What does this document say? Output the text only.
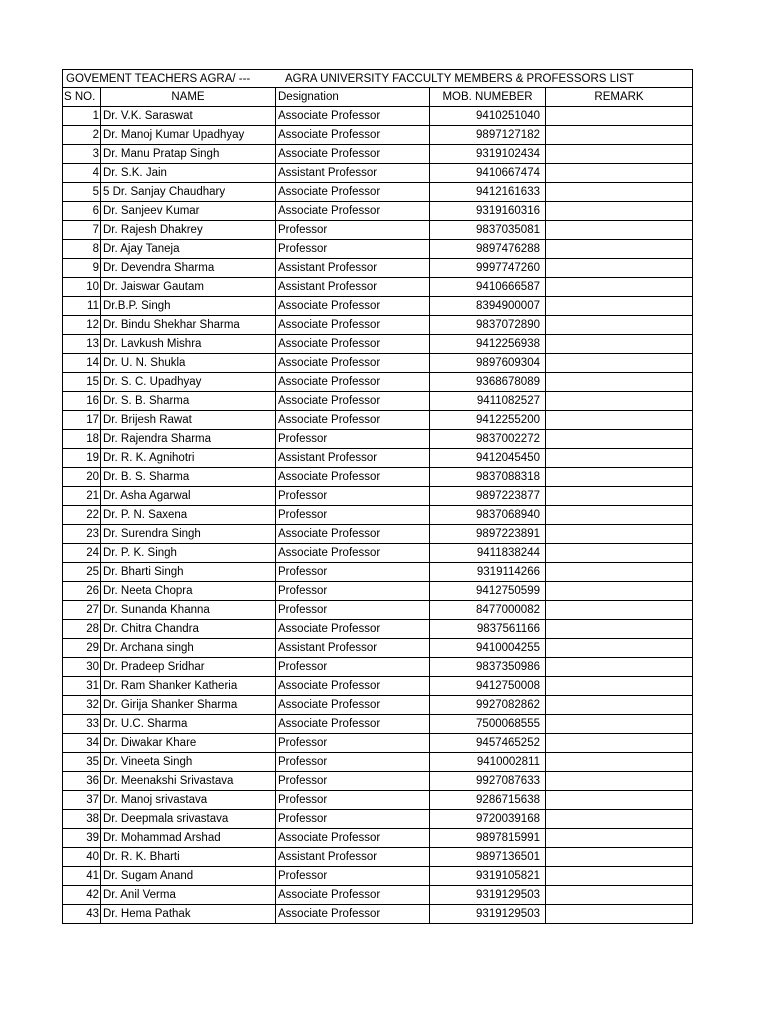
GOVEMENT TEACHERS AGRA/ --- AGRA UNIVERSITY FACCULTY MEMBERS & PROFESSORS LIST				

S NO.	NAME	Designation	MOB. NUMEBER	REMARK
1	Dr. V.K. Saraswat	Associate Professor	9410251040	
2	Dr. Manoj Kumar Upadhyay	Associate Professor	9897127182	
3	Dr. Manu Pratap Singh	Associate Professor	9319102434	
4	Dr. S.K. Jain	Assistant Professor	9410667474	
5	5 Dr. Sanjay Chaudhary	Associate Professor	9412161633	
6	Dr. Sanjeev Kumar	Associate Professor	9319160316	
7	Dr. Rajesh Dhakrey	Professor	9837035081	
8	Dr. Ajay Taneja	Professor	9897476288	
9	Dr. Devendra Sharma	Assistant Professor	9997747260	
10	Dr. Jaiswar Gautam	Assistant Professor	9410666587	
11	Dr.B.P. Singh	Associate Professor	8394900007	
12	Dr. Bindu Shekhar Sharma	Associate Professor	9837072890	
13	Dr. Lavkush Mishra	Associate Professor	9412256938	
14	Dr. U. N. Shukla	Associate Professor	9897609304	
15	Dr. S. C. Upadhyay	Associate Professor	9368678089	
16	Dr. S. B. Sharma	Associate Professor	9411082527	
17	Dr. Brijesh Rawat	Associate Professor	9412255200	
18	Dr. Rajendra Sharma	Professor	9837002272	
19	Dr. R. K. Agnihotri	Assistant Professor	9412045450	
20	Dr. B. S. Sharma	Associate Professor	9837088318	
21	Dr. Asha Agarwal	Professor	9897223877	
22	Dr. P. N. Saxena	Professor	9837068940	
23	Dr. Surendra Singh	Associate Professor	9897223891	
24	Dr. P. K. Singh	Associate Professor	9411838244	
25	Dr. Bharti Singh	Professor	9319114266	
26	Dr. Neeta Chopra	Professor	9412750599	
27	Dr. Sunanda Khanna	Professor	8477000082	
28	Dr. Chitra Chandra	Associate Professor	9837561166	
29	Dr. Archana singh	Assistant Professor	9410004255	
30	Dr. Pradeep Sridhar	Professor	9837350986	
31	Dr. Ram Shanker Katheria	Associate Professor	9412750008	
32	Dr. Girija Shanker Sharma	Associate Professor	9927082862	
33	Dr. U.C. Sharma	Associate Professor	7500068555	
34	Dr. Diwakar Khare	Professor	9457465252	
35	Dr. Vineeta Singh	Professor	9410002811	
36	Dr. Meenakshi Srivastava	Professor	9927087633	
37	Dr. Manoj srivastava	Professor	9286715638	
38	Dr. Deepmala srivastava	Professor	9720039168	
39	Dr. Mohammad Arshad	Associate Professor	9897815991	
40	Dr. R. K. Bharti	Assistant Professor	9897136501	
41	Dr. Sugam Anand	Professor	9319105821	
42	Dr. Anil Verma	Associate Professor	9319129503	
43	Dr. Hema Pathak	Associate Professor	9319129503	
